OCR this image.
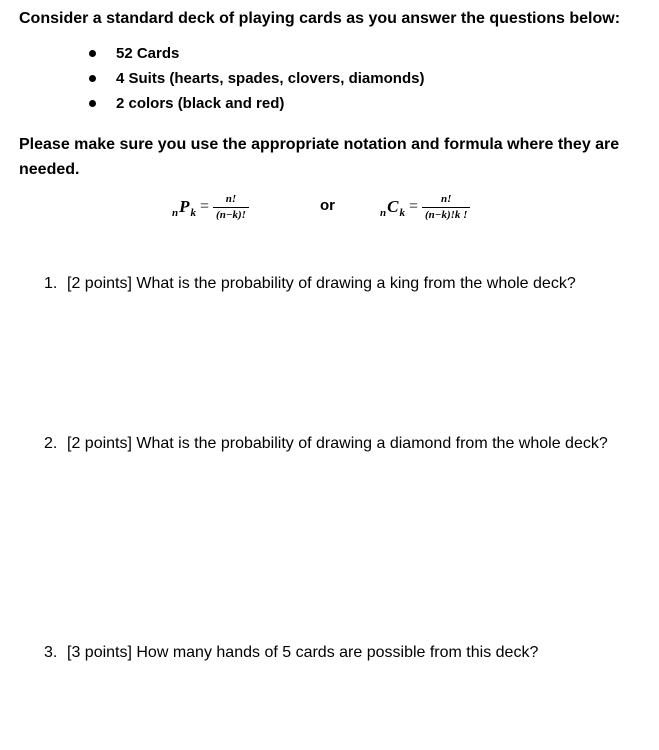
Consider a standard deck of playing cards as you answer the questions below:
52 Cards
4 Suits (hearts, spades, clovers, diamonds)
2 colors (black and red)
Please make sure you use the appropriate notation and formula where they are needed.
n P $k = \frac{n!}{(n-k)!}$	or	n C $k = \frac{n!}{(n-k)!k !}$
1. [2 points] What is the probability of drawing a king from the whole deck?
2. [2 points] What is the probability of drawing a diamond from the whole deck?
3. [3 points] How many hands of 5 cards are possible from this deck?
